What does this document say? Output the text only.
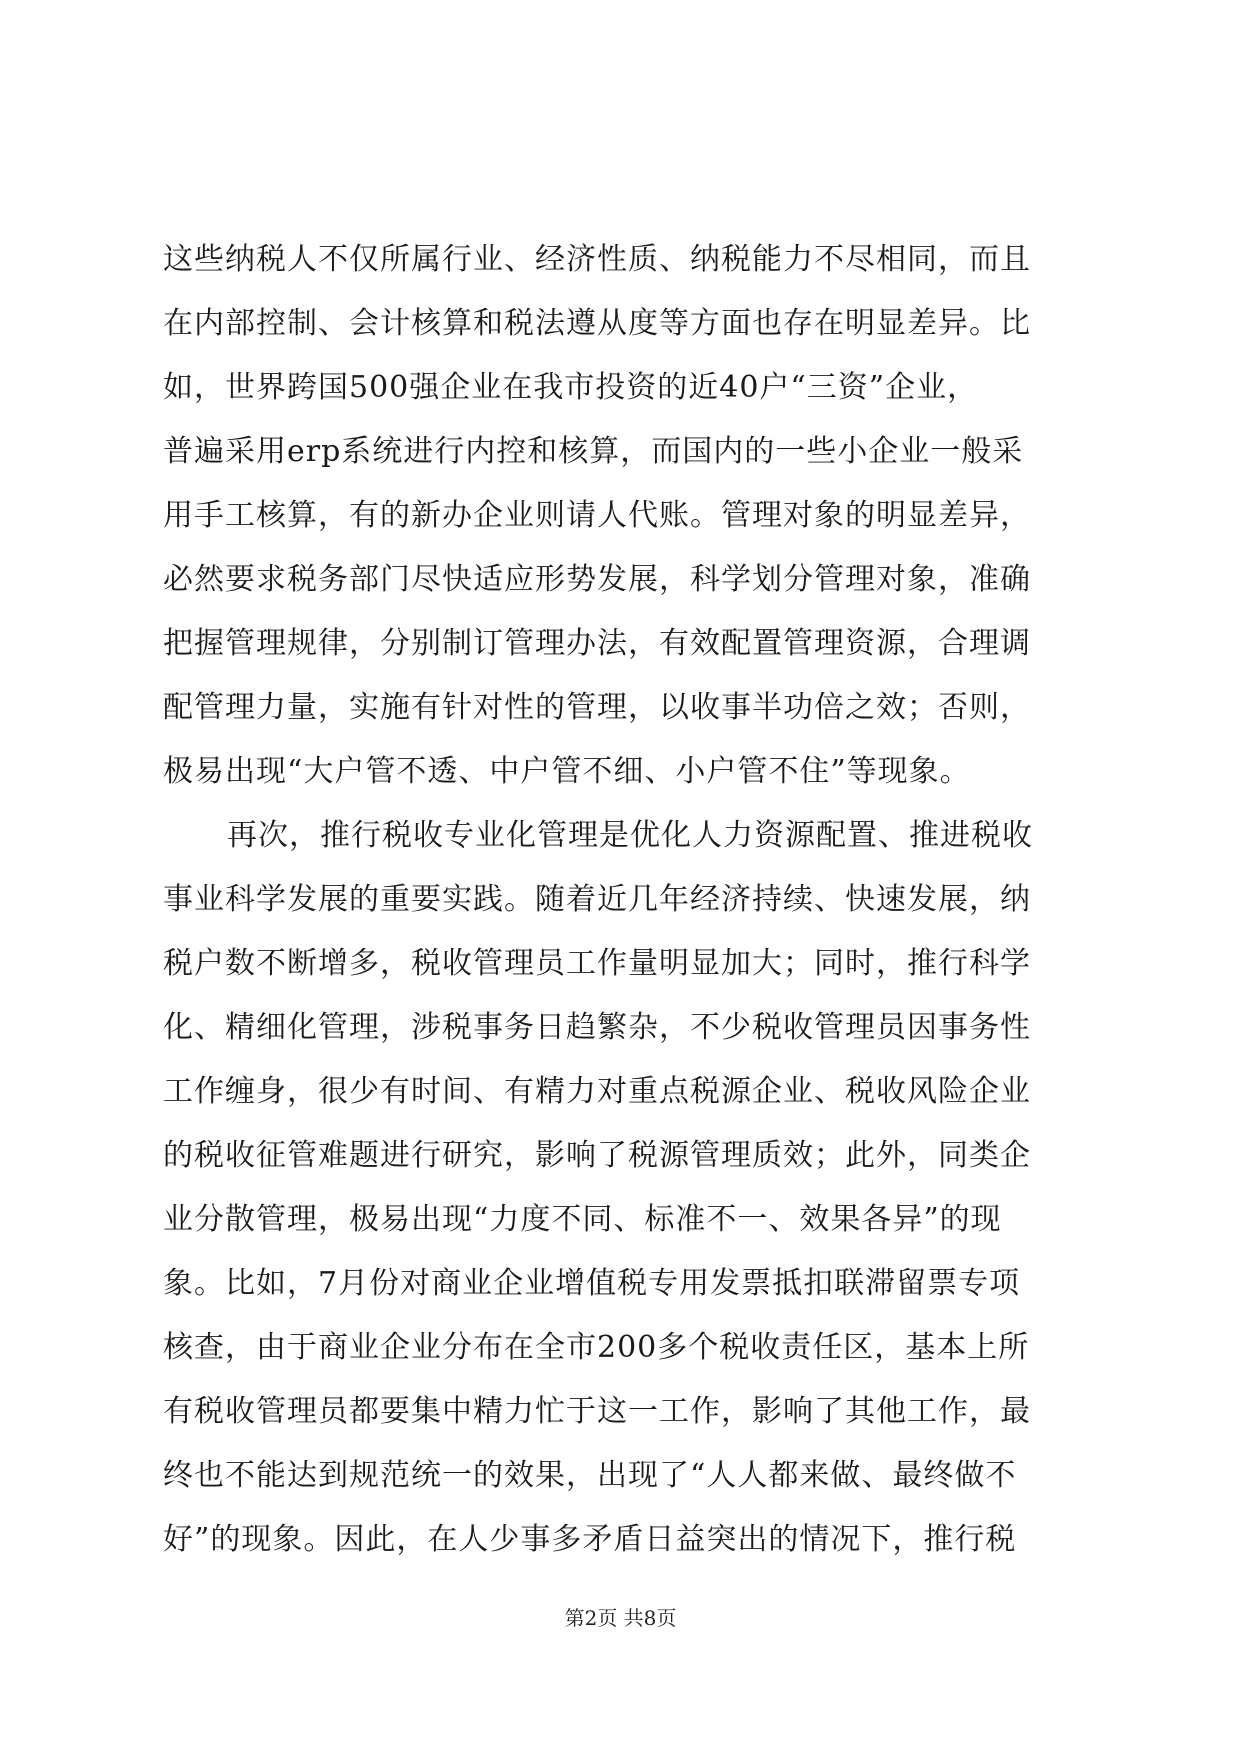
这些纳税人不仅所属行业、经济性质、纳税能力不尽相同，而且
在内部控制、会计核算和税法遵从度等方面也存在明显差异。比
如，世界跨国500强企业在我市投资的近40户“三资”企业，
普遍采用erp系统进行内控和核算，而国内的一些小企业一般采
用手工核算，有的新办企业则请人代账。管理对象的明显差异，
必然要求税务部门尽快适应形势发展，科学划分管理对象，准确
把握管理规律，分别制订管理办法，有效配置管理资源，合理调
配管理力量，实施有针对性的管理，以收事半功倍之效；否则，
极易出现“大户管不透、中户管不细、小户管不住”等现象。
再次，推行税收专业化管理是优化人力资源配置、推进税收
事业科学发展的重要实践。随着近几年经济持续、快速发展，纳
税户数不断增多，税收管理员工作量明显加大；同时，推行科学
化、精细化管理，涉税事务日趋繁杂，不少税收管理员因事务性
工作缠身，很少有时间、有精力对重点税源企业、税收风险企业
的税收征管难题进行研究，影响了税源管理质效；此外，同类企
业分散管理，极易出现“力度不同、标准不一、效果各异”的现
象。比如，7月份对商业企业增值税专用发票抵扣联滞留票专项
核查，由于商业企业分布在全市200多个税收责任区，基本上所
有税收管理员都要集中精力忙于这一工作，影响了其他工作，最
终也不能达到规范统一的效果，出现了“人人都来做、最终做不
好”的现象。因此，在人少事多矛盾日益突出的情况下，推行税
第2页 共8页
